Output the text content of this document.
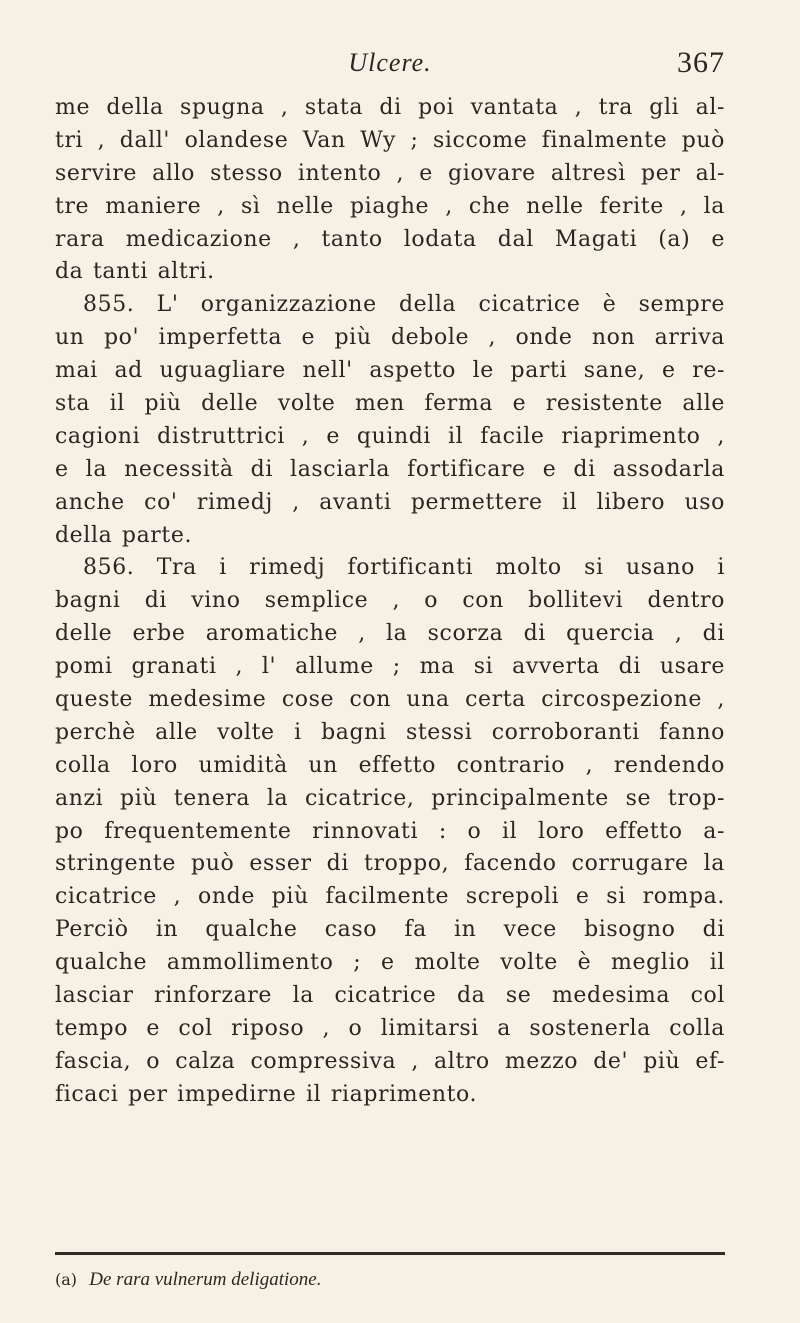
Ulcere.	367
me della spugna , stata di poi vantata , tra gli al-
tri , dall' olandese Van Wy ; siccome finalmente può
servire allo stesso intento , e giovare altresì per al-
tre maniere , sì nelle piaghe , che nelle ferite , la
rara medicazione , tanto lodata dal Magati (a) e
da tanti altri.
855. L' organizzazione della cicatrice è sempre
un po' imperfetta e più debole , onde non arriva
mai ad uguagliare nell' aspetto le parti sane, e re-
sta il più delle volte men ferma e resistente alle
cagioni distruttrici , e quindi il facile riaprimento ,
e la necessità di lasciarla fortificare e di assodarla
anche co' rimedj , avanti permettere il libero uso
della parte.
856. Tra i rimedj fortificanti molto si usano i
bagni di vino semplice , o con bollitevi dentro
delle erbe aromatiche , la scorza di quercia , di
pomi granati , l' allume ; ma si avverta di usare
queste medesime cose con una certa circospezione ,
perchè alle volte i bagni stessi corroboranti fanno
colla loro umidità un effetto contrario , rendendo
anzi più tenera la cicatrice, principalmente se trop-
po frequentemente rinnovati : o il loro effetto a-
stringente può esser di troppo, facendo corrugare la
cicatrice , onde più facilmente screpoli e si rompa.
Perciò in qualche caso fa in vece bisogno di
qualche ammollimento ; e molte volte è meglio il
lasciar rinforzare la cicatrice da se medesima col
tempo e col riposo , o limitarsi a sostenerla colla
fascia, o calza compressiva , altro mezzo de' più ef-
ficaci per impedirne il riaprimento.
(a) De rara vulnerum deligatione.
